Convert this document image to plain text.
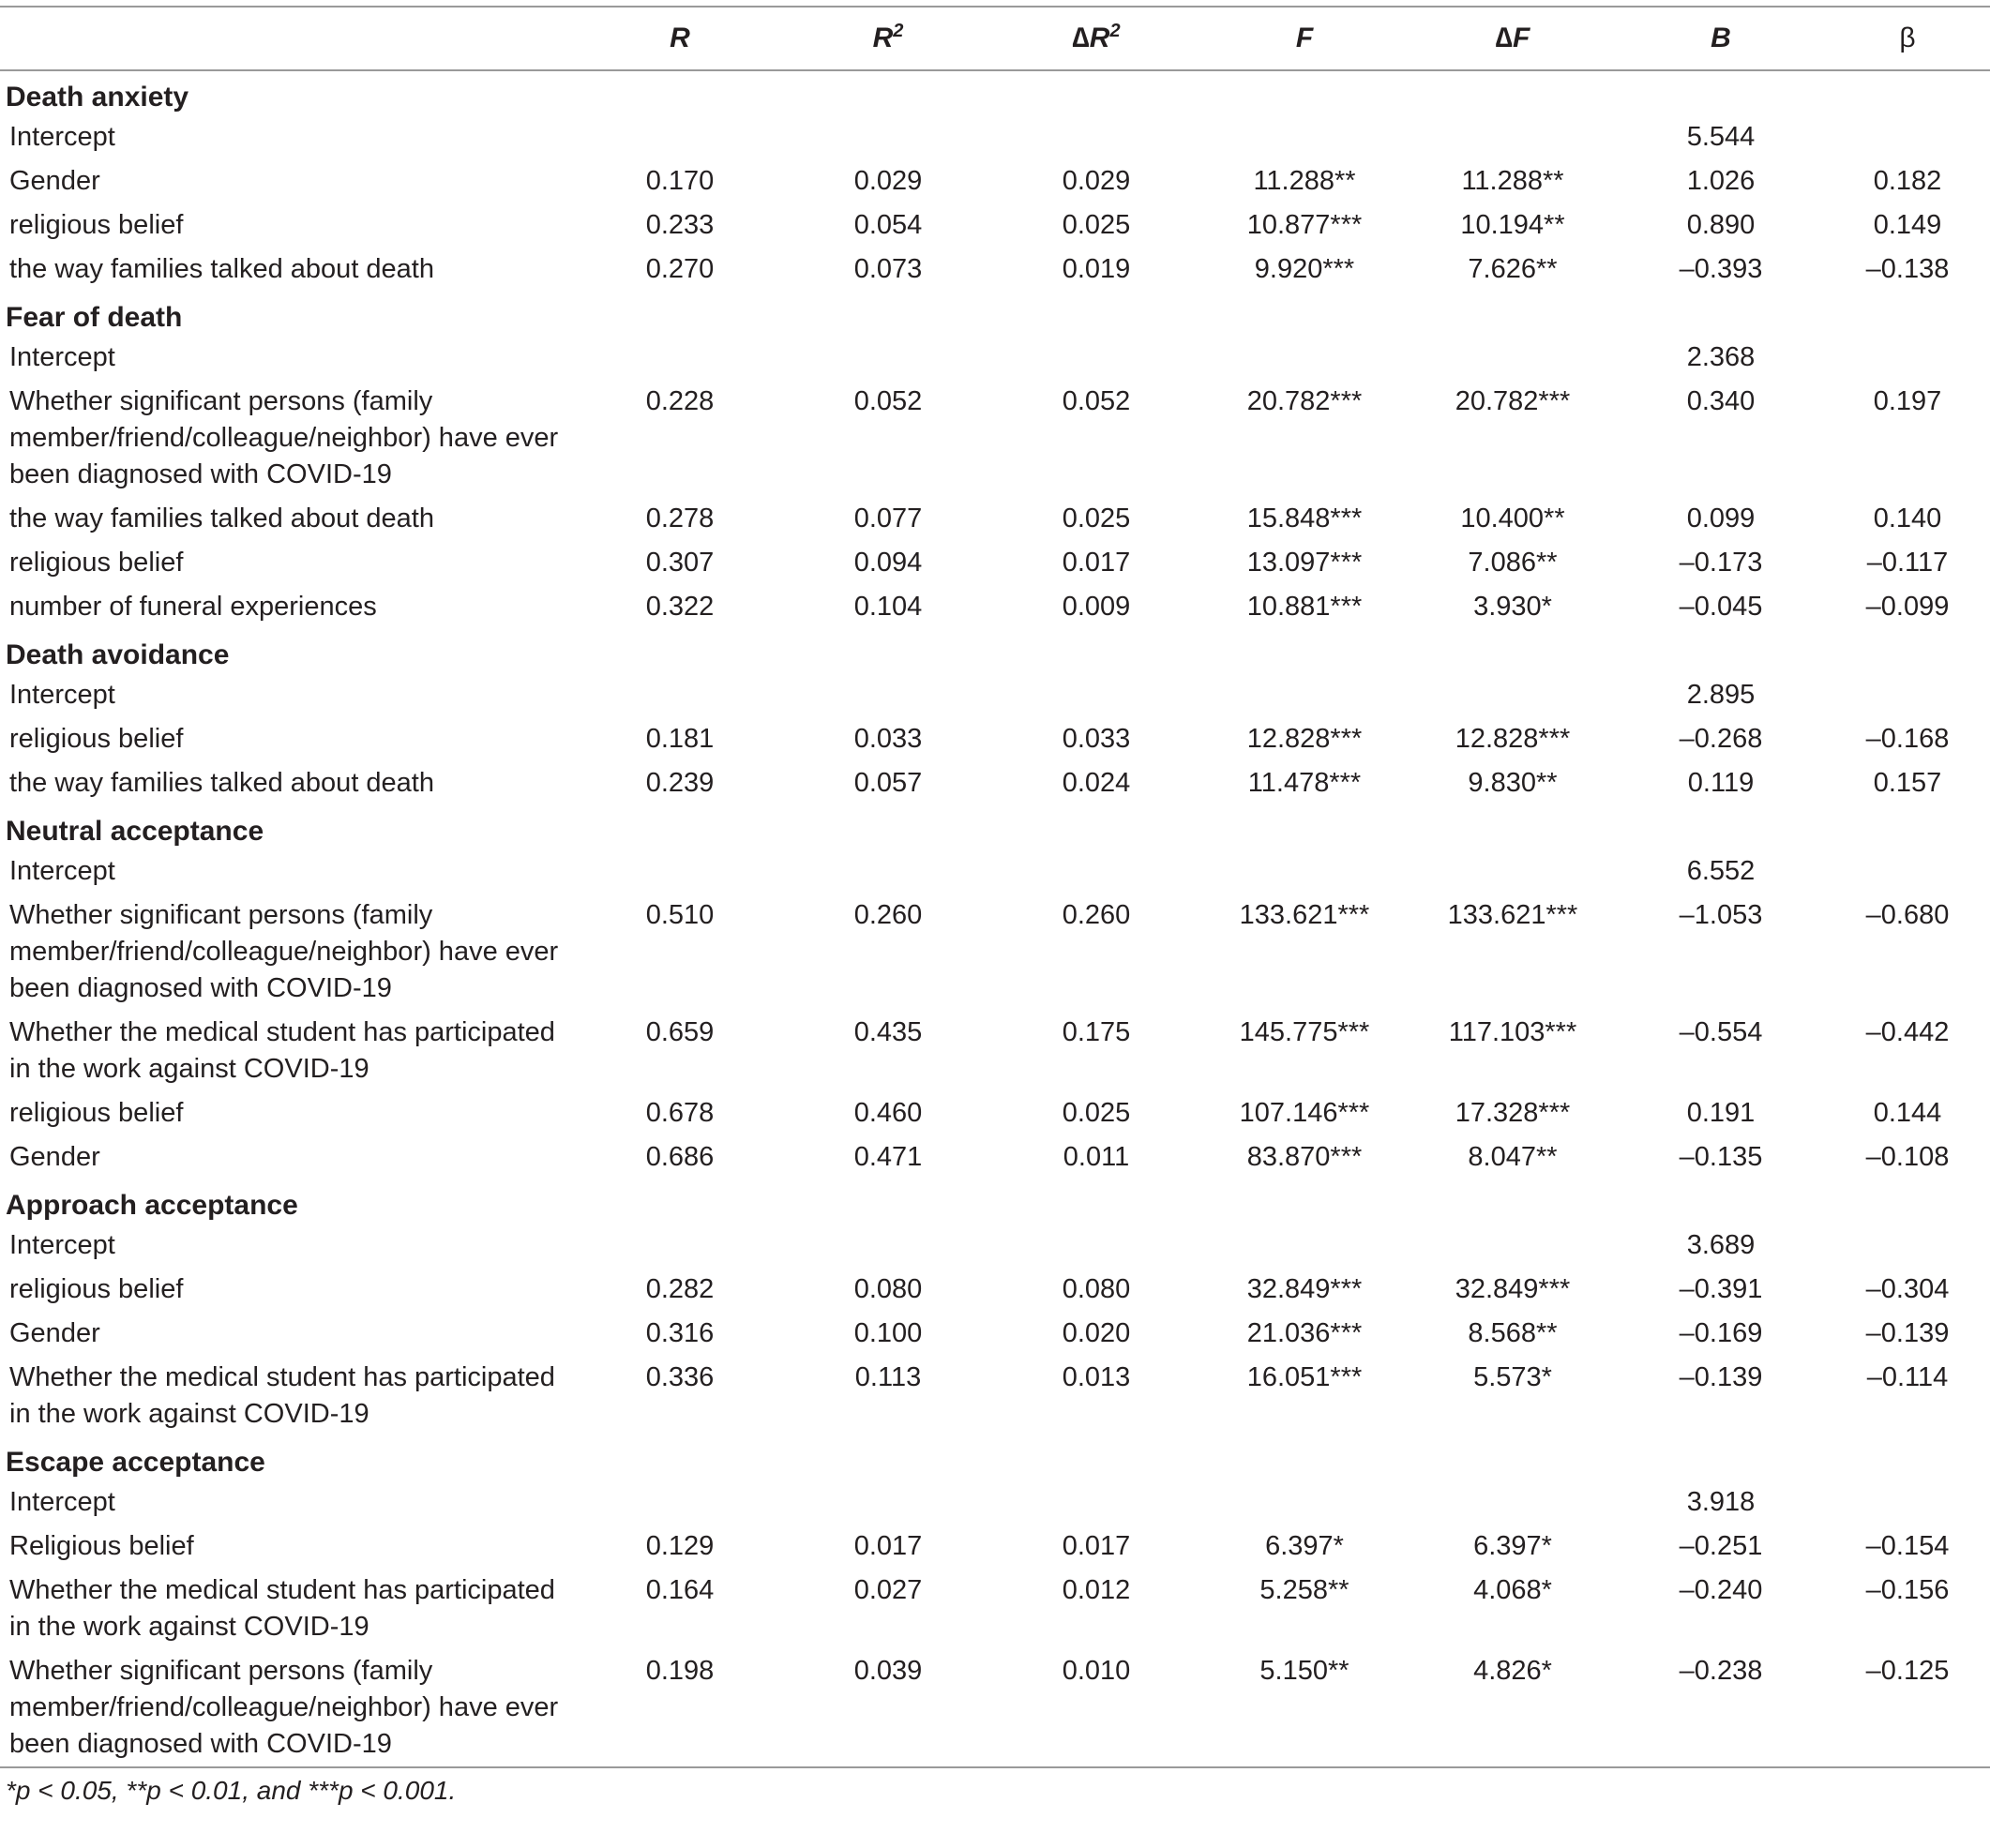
	R	$R^2$	$\Delta R^2$	F	∆F	B	β
Death anxiety							
Intercept						5.544	
Gender	0.170	0.029	0.029	11.288**	11.288**	1.026	0.182
religious belief	0.233	0.054	0.025	10.877***	10.194**	0.890	0.149
the way families talked about death	0.270	0.073	0.019	9.920***	7.626**	–0.393	–0.138
Fear of death							
Intercept						2.368	
Whether significant persons (family member/friend/colleague/neighbor) have ever been diagnosed with COVID-19	0.228	0.052	0.052	20.782***	20.782***	0.340	0.197
the way families talked about death	0.278	0.077	0.025	15.848***	10.400**	0.099	0.140
religious belief	0.307	0.094	0.017	13.097***	7.086**	–0.173	–0.117
number of funeral experiences	0.322	0.104	0.009	10.881***	3.930*	–0.045	–0.099
Death avoidance							
Intercept						2.895	
religious belief	0.181	0.033	0.033	12.828***	12.828***	–0.268	–0.168
the way families talked about death	0.239	0.057	0.024	11.478***	9.830**	0.119	0.157
Neutral acceptance							
Intercept						6.552	
Whether significant persons (family member/friend/colleague/neighbor) have ever been diagnosed with COVID-19	0.510	0.260	0.260	133.621***	133.621***	–1.053	–0.680
Whether the medical student has participated in the work against COVID-19	0.659	0.435	0.175	145.775***	117.103***	–0.554	–0.442
religious belief	0.678	0.460	0.025	107.146***	17.328***	0.191	0.144
Gender	0.686	0.471	0.011	83.870***	8.047**	–0.135	–0.108
Approach acceptance							
Intercept						3.689	
religious belief	0.282	0.080	0.080	32.849***	32.849***	–0.391	–0.304
Gender	0.316	0.100	0.020	21.036***	8.568**	–0.169	–0.139
Whether the medical student has participated in the work against COVID-19	0.336	0.113	0.013	16.051***	5.573*	–0.139	–0.114
Escape acceptance							
Intercept						3.918	
Religious belief	0.129	0.017	0.017	6.397*	6.397*	–0.251	–0.154
Whether the medical student has participated in the work against COVID-19	0.164	0.027	0.012	5.258**	4.068*	–0.240	–0.156
Whether significant persons (family member/friend/colleague/neighbor) have ever been diagnosed with COVID-19	0.198	0.039	0.010	5.150**	4.826*	–0.238	–0.125
*p < 0.05, **p < 0.01, and ***p < 0.001.
